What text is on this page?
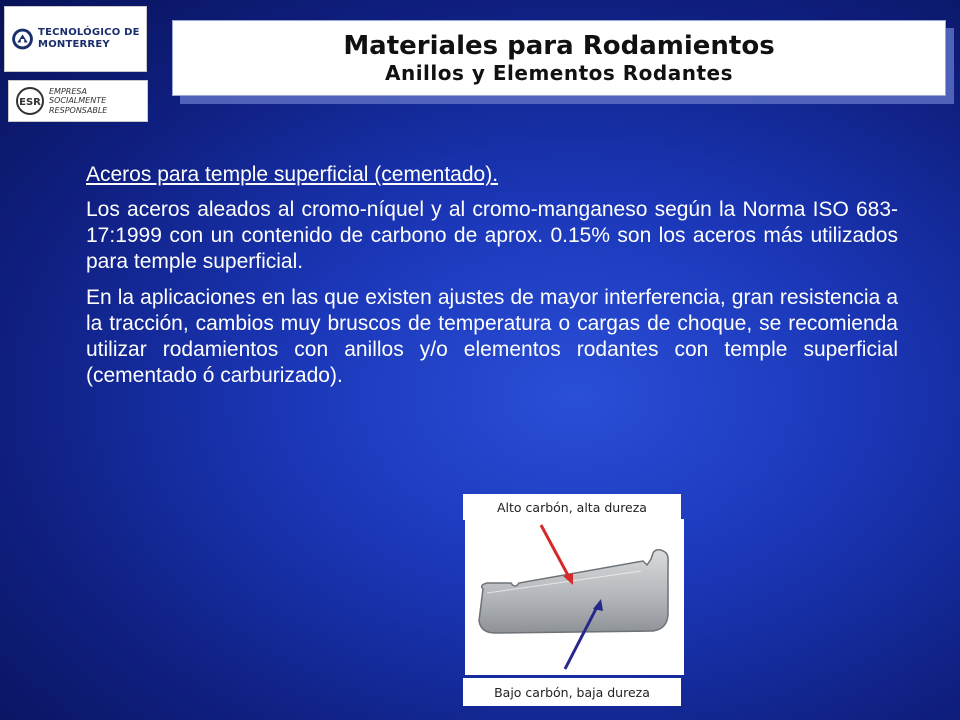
TECNOLÓGICO DE MONTERREY
ESR
EMPRESA
SOCIALMENTE
RESPONSABLE
Materiales para Rodamientos
Anillos y Elementos Rodantes

Aceros para temple superficial (cementado).

Los aceros aleados al cromo-níquel y al cromo-manganeso según la Norma ISO 683-17:1999 con un contenido de carbono de aprox. 0.15% son los aceros más utilizados para temple superficial.

En la aplicaciones en las que existen ajustes de mayor interferencia, gran resistencia a la tracción, cambios muy bruscos de temperatura o cargas de choque, se recomienda utilizar rodamientos con anillos y/o elementos rodantes con temple superficial (cementado ó carburizado).

Alto carbón, alta dureza
Bajo carbón, baja dureza
